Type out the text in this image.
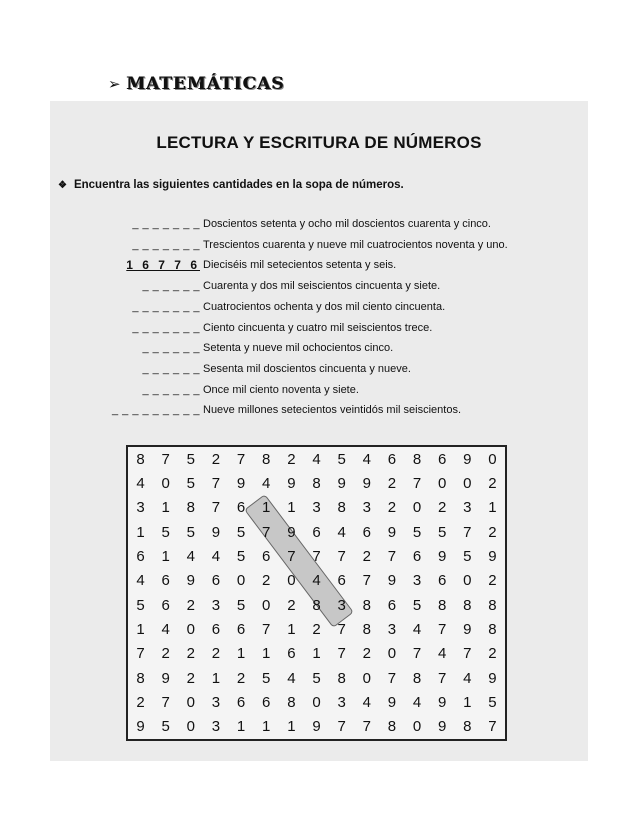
➢ MATEMÁTICAS
LECTURA Y ESCRITURA DE NÚMEROS
❖ Encuentra las siguientes cantidades en la sopa de números.
_ _ _ _ _ _ _ Doscientos setenta y ocho mil doscientos cuarenta y cinco.
_ _ _ _ _ _ _ Trescientos cuarenta y nueve mil cuatrocientos noventa y uno.
1 6 7 7 6 Dieciséis mil setecientos setenta y seis.
_ _ _ _ _ _ Cuarenta y dos mil seiscientos cincuenta y siete.
_ _ _ _ _ _ _ Cuatrocientos ochenta y dos mil ciento cincuenta.
_ _ _ _ _ _ _ Ciento cincuenta y cuatro mil seiscientos trece.
_ _ _ _ _ _ Setenta y nueve mil ochocientos cinco.
_ _ _ _ _ _ Sesenta mil doscientos cincuenta y nueve.
_ _ _ _ _ _ Once mil ciento noventa y siete.
_ _ _ _ _ _ _ _ _ Nueve millones setecientos veintidós mil seiscientos.
8	7	5	2	7	8	2	4	5	4	6	8	6	9	0
4	0	5	7	9	4	9	8	9	9	2	7	0	0	2
3	1	8	7	6	1	1	3	8	3	2	0	2	3	1
1	5	5	9	5	7	9	6	4	6	9	5	5	7	2
6	1	4	4	5	6	7	7	7	2	7	6	9	5	9
4	6	9	6	0	2	0	4	6	7	9	3	6	0	2
5	6	2	3	5	0	2	8	3	8	6	5	8	8	8
1	4	0	6	6	7	1	2	7	8	3	4	7	9	8
7	2	2	2	1	1	6	1	7	2	0	7	4	7	2
8	9	2	1	2	5	4	5	8	0	7	8	7	4	9
2	7	0	3	6	6	8	0	3	4	9	4	9	1	5
9	5	0	3	1	1	1	9	7	7	8	0	9	8	7
